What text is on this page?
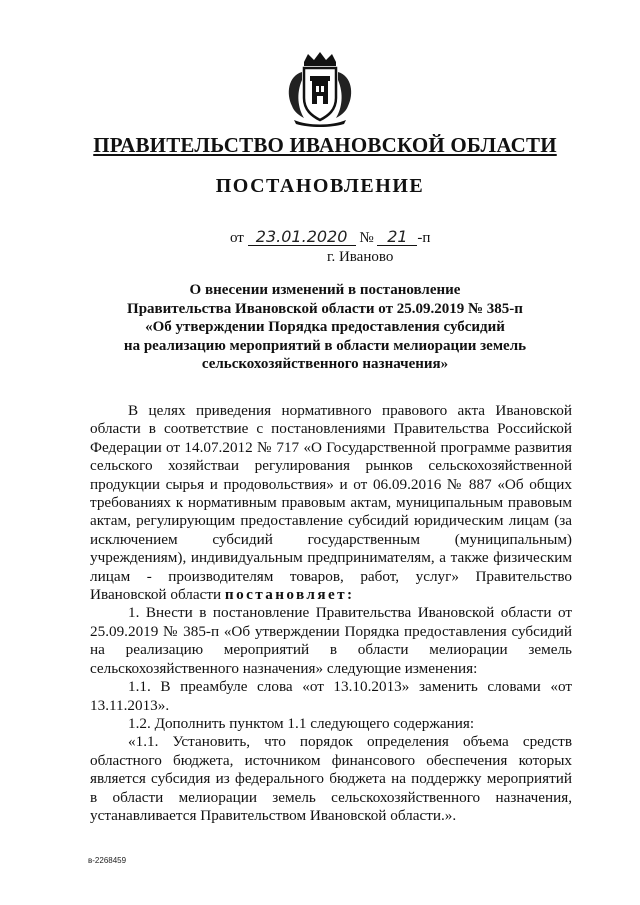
ПРАВИТЕЛЬСТВО ИВАНОВСКОЙ ОБЛАСТИ
ПОСТАНОВЛЕНИЕ
от 23.01.2020 № 21 -п
г. Иваново
О внесении изменений в постановление
Правительства Ивановской области от 25.09.2019 № 385-п
«Об утверждении Порядка предоставления субсидий
на реализацию мероприятий в области мелиорации земель
сельскохозяйственного назначения»

В целях приведения нормативного правового акта Ивановской области в соответствие с постановлениями Правительства Российской Федерации от 14.07.2012 № 717 «О Государственной программе развития сельского хозяйстваи регулирования рынков сельскохозяйственной продукции сырья и продовольствия» и от 06.09.2016 № 887 «Об общих требованиях к нормативным правовым актам, муниципальным правовым актам, регулирующим предоставление субсидий юридическим лицам (за исключением субсидий государственным (муниципальным) учреждениям), индивидуальным предпринимателям, а также физическим лицам - производителям товаров, работ, услуг» Правительство Ивановской области постановляет:

1. Внести в постановление Правительства Ивановской области от 25.09.2019 № 385-п «Об утверждении Порядка предоставления субсидий на реализацию мероприятий в области мелиорации земель сельскохозяйственного назначения» следующие изменения:

1.1. В преамбуле слова «от 13.10.2013» заменить словами «от 13.11.2013».

1.2. Дополнить пунктом 1.1 следующего содержания:

«1.1. Установить, что порядок определения объема средств областного бюджета, источником финансового обеспечения которых является субсидия из федерального бюджета на поддержку мероприятий в области мелиорации земель сельскохозяйственного назначения, устанавливается Правительством Ивановской области.».

в-2268459
